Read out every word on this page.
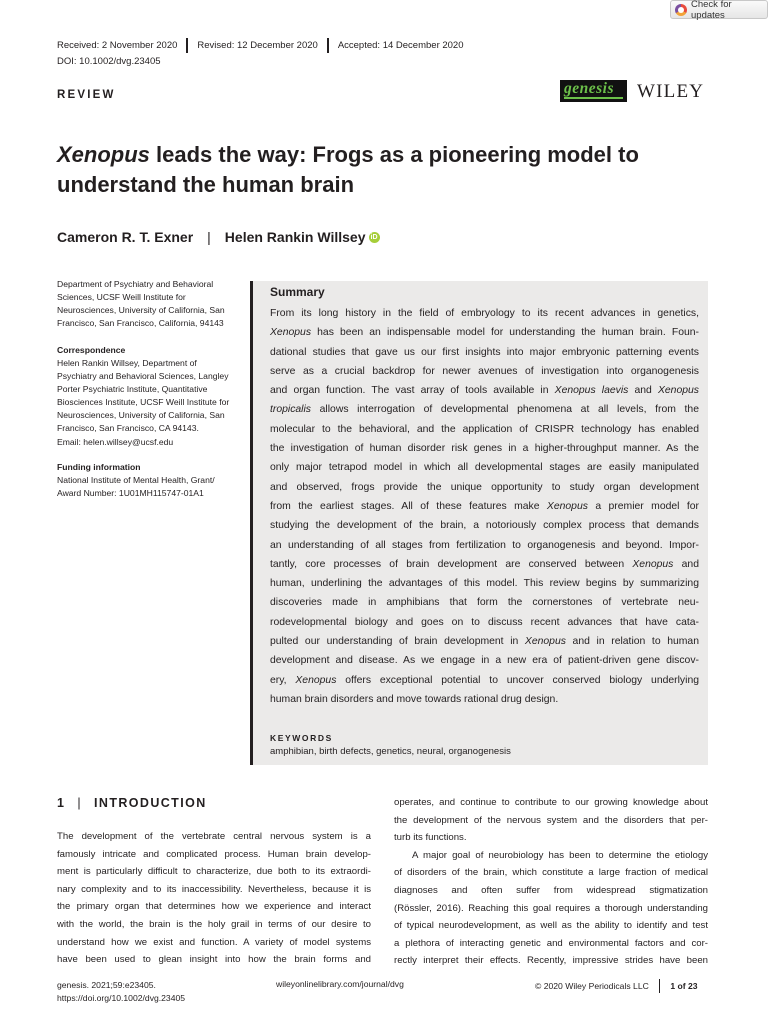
Check for updates
Received: 2 November 2020 Revised: 12 December 2020 Accepted: 14 December 2020
DOI: 10.1002/dvg.23405
REVIEW	genesis WILEY
Xenopus leads the way: Frogs as a pioneering model to
understand the human brain
Cameron R. T. Exner | Helen Rankin Willsey iD
Department of Psychiatry and Behavioral
Sciences, UCSF Weill Institute for
Neurosciences, University of California, San
Francisco, San Francisco, California, 94143
Correspondence
Helen Rankin Willsey, Department of
Psychiatry and Behavioral Sciences, Langley
Porter Psychiatric Institute, Quantitative
Biosciences Institute, UCSF Weill Institute for
Neurosciences, University of California, San
Francisco, San Francisco, CA 94143.
Email: helen.willsey@ucsf.edu
Funding information
National Institute of Mental Health, Grant/
Award Number: 1U01MH115747-01A1
Summary
From its long history in the field of embryology to its recent advances in genetics,
Xenopus has been an indispensable model for understanding the human brain. Foun-
dational studies that gave us our first insights into major embryonic patterning events
serve as a crucial backdrop for newer avenues of investigation into organogenesis
and organ function. The vast array of tools available in Xenopus laevis and Xenopus
tropicalis allows interrogation of developmental phenomena at all levels, from the
molecular to the behavioral, and the application of CRISPR technology has enabled
the investigation of human disorder risk genes in a higher-throughput manner. As the
only major tetrapod model in which all developmental stages are easily manipulated
and observed, frogs provide the unique opportunity to study organ development
from the earliest stages. All of these features make Xenopus a premier model for
studying the development of the brain, a notoriously complex process that demands
an understanding of all stages from fertilization to organogenesis and beyond. Impor-
tantly, core processes of brain development are conserved between Xenopus and
human, underlining the advantages of this model. This review begins by summarizing
discoveries made in amphibians that form the cornerstones of vertebrate neu-
rodevelopmental biology and goes on to discuss recent advances that have cata-
pulted our understanding of brain development in Xenopus and in relation to human
development and disease. As we engage in a new era of patient-driven gene discov-
ery, Xenopus offers exceptional potential to uncover conserved biology underlying
human brain disorders and move towards rational drug design.
KEYWORDS
amphibian, birth defects, genetics, neural, organogenesis
1 | INTRODUCTION
The development of the vertebrate central nervous system is a
famously intricate and complicated process. Human brain develop-
ment is particularly difficult to characterize, due both to its extraordi-
nary complexity and to its inaccessibility. Nevertheless, because it is
the primary organ that determines how we experience and interact
with the world, the brain is the holy grail in terms of our desire to
understand how we exist and function. A variety of model systems
have been used to glean insight into how the brain forms and
operates, and continue to contribute to our growing knowledge about
the development of the nervous system and the disorders that per-
turb its functions.
A major goal of neurobiology has been to determine the etiology
of disorders of the brain, which constitute a large fraction of medical
diagnoses and often suffer from widespread stigmatization
(Rössler, 2016). Reaching this goal requires a thorough understanding
of typical neurodevelopment, as well as the ability to identify and test
a plethora of interacting genetic and environmental factors and cor-
rectly interpret their effects. Recently, impressive strides have been
genesis. 2021;59:e23405.
https://doi.org/10.1002/dvg.23405
wileyonlinelibrary.com/journal/dvg	© 2020 Wiley Periodicals LLC	1 of 23
